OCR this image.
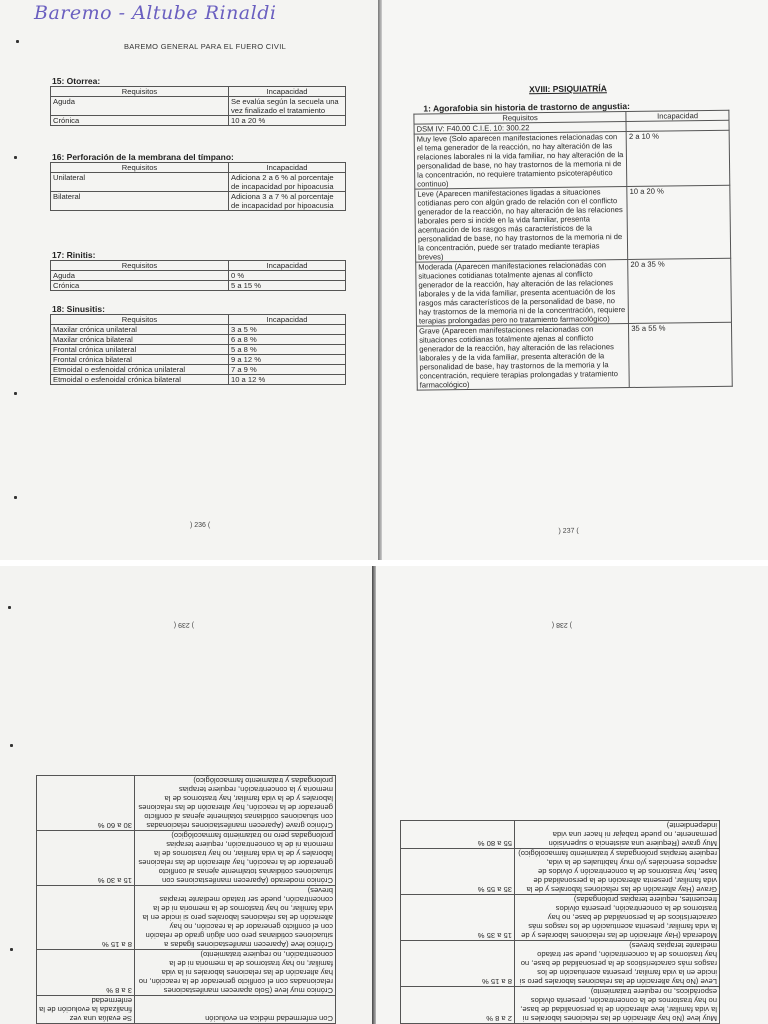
Baremo - Altube Rinaldi
BAREMO GENERAL PARA EL FUERO CIVIL
15: Otorrea:
Requisitos	Incapacidad
Aguda	Se evalúa según la secuela una vez finalizado el tratamiento
Crónica	10 a 20 %
16: Perforación de la membrana del tímpano:
Requisitos	Incapacidad
Unilateral	Adiciona 2 a 6 % al porcentaje de incapacidad por hipoacusia
Bilateral	Adiciona 3 a 7 % al porcentaje de incapacidad por hipoacusia
17: Rinitis:
Requisitos	Incapacidad
Aguda	0 %
Crónica	5 a 15 %
18: Sinusitis:
Requisitos	Incapacidad
Maxilar crónica unilateral	3 a 5 %
Maxilar crónica bilateral	6 a 8 %
Frontal crónica unilateral	5 a 8 %
Frontal crónica bilateral	9 a 12 %
Etmoidal o esfenoidal crónica unilateral	7 a 9 %
Etmoidal o esfenoidal crónica bilateral	10 a 12 %
) 236 (
XVIII: PSIQUIATRÍA
1: Agorafobia sin historia de trastorno de angustia:
Requisitos	Incapacidad
DSM IV: F40.00 C.I.E. 10: 300.22	
Muy leve (Solo aparecen manifestaciones relacionadas con el tema generador de la reacción, no hay alteración de las relaciones laborales ni la vida familiar, no hay alteración de la personalidad de base, no hay trastornos de la memoria ni de la concentración, no requiere tratamiento psicoterapéutico continuo)	2 a 10 %
Leve (Aparecen manifestaciones ligadas a situaciones cotidianas pero con algún grado de relación con el conflicto generador de la reacción, no hay alteración de las relaciones laborales pero si incide en la vida familiar, presenta acentuación de los rasgos más característicos de la personalidad de base, no hay trastornos de la memoria ni de la concentración, puede ser tratado mediante terapias breves)	10 a 20 %
Moderada (Aparecen manifestaciones relacionadas con situaciones cotidianas totalmente ajenas al conflicto generador de la reacción, hay alteración de las relaciones laborales y de la vida familiar, presenta acentuación de los rasgos más característicos de la personalidad de base, no hay trastornos de la memoria ni de la concentración, requiere terapias prolongadas pero no tratamiento farmacológico)	20 a 35 %
Grave (Aparecen manifestaciones relacionadas con situaciones cotidianas totalmente ajenas al conflicto generador de la reacción, hay alteración de las relaciones laborales y de la vida familiar, presenta alteración de la personalidad de base, hay trastornos de la memoria y la concentración, requiere terapias prolongadas y tratamiento farmacológico)	35 a 55 %
) 237 (
) 239 (
Con enfermedad médica en evolución	Se evalúa una vez finalizada la evolución de la enfermedad
Crónico muy leve (Solo aparecen manifestaciones relacionadas con el conflicto generador de la reacción, no hay alteración de las relaciones laborales ni la vida familiar, no hay trastornos de la memoria ni de la concentración, no requiere tratamiento)	3 a 8 %
Crónico leve (Aparecen manifestaciones ligadas a situaciones cotidianas pero con algún grado de relación con el conflicto generador de la reacción, no hay alteración de las relaciones laborales pero si incide en la vida familiar, no hay trastornos de la memoria ni de la concentración, puede ser tratado mediante terapias breves)	8 a 15 %
Crónico moderado (Aparecen manifestaciones con situaciones cotidianas totalmente ajenas al conflicto generador de la reacción, hay alteración de las relaciones laborales y de la vida familiar, no hay trastornos de la memoria ni de la concentración, requiere terapias prolongadas pero no tratamiento farmacológico)	15 a 30 %
Crónico grave (Aparecen manifestaciones relacionadas con situaciones cotidianas totalmente ajenas al conflicto generador de la reacción, hay alteración de las relaciones laborales y de la vida familiar, hay trastornos de la memoria y la concentración, requiere terapias prolongadas y tratamiento farmacológico)	30 a 60 %
) 238 (
Muy leve (No hay alteración de las relaciones laborales ni la vida familiar, leve alteración de la personalidad de base, no hay trastornos de la concentración, presenta olvidos esporádicos, no requiere tratamiento)	2 a 8 %
Leve (No hay alteración de las relaciones laborales pero si incide en la vida familiar, presenta acentuación de los rasgos más característicos de la personalidad de base, no hay trastornos de la concentración, puede ser tratado mediante terapias breves)	8 a 15 %
Moderada (Hay alteración de las relaciones laborales y de la vida familiar, presenta acentuación de los rasgos más característicos de la personalidad de base, no hay trastornos de la concentración, presenta olvidos frecuentes, requiere terapias prolongadas)	15 a 35 %
Grave (Hay alteración de las relaciones laborales y de la vida familiar, presenta alteración de la personalidad de base, hay trastornos de la concentración y olvidos de aspectos esenciales y/o muy habituales de la vida, requiere terapias prolongadas y tratamiento farmacológico)	35 a 55 %
Muy grave (Requiere una asistencia o supervisión permanente, no puede trabajar ni hacer una vida independiente)	55 a 80 %
